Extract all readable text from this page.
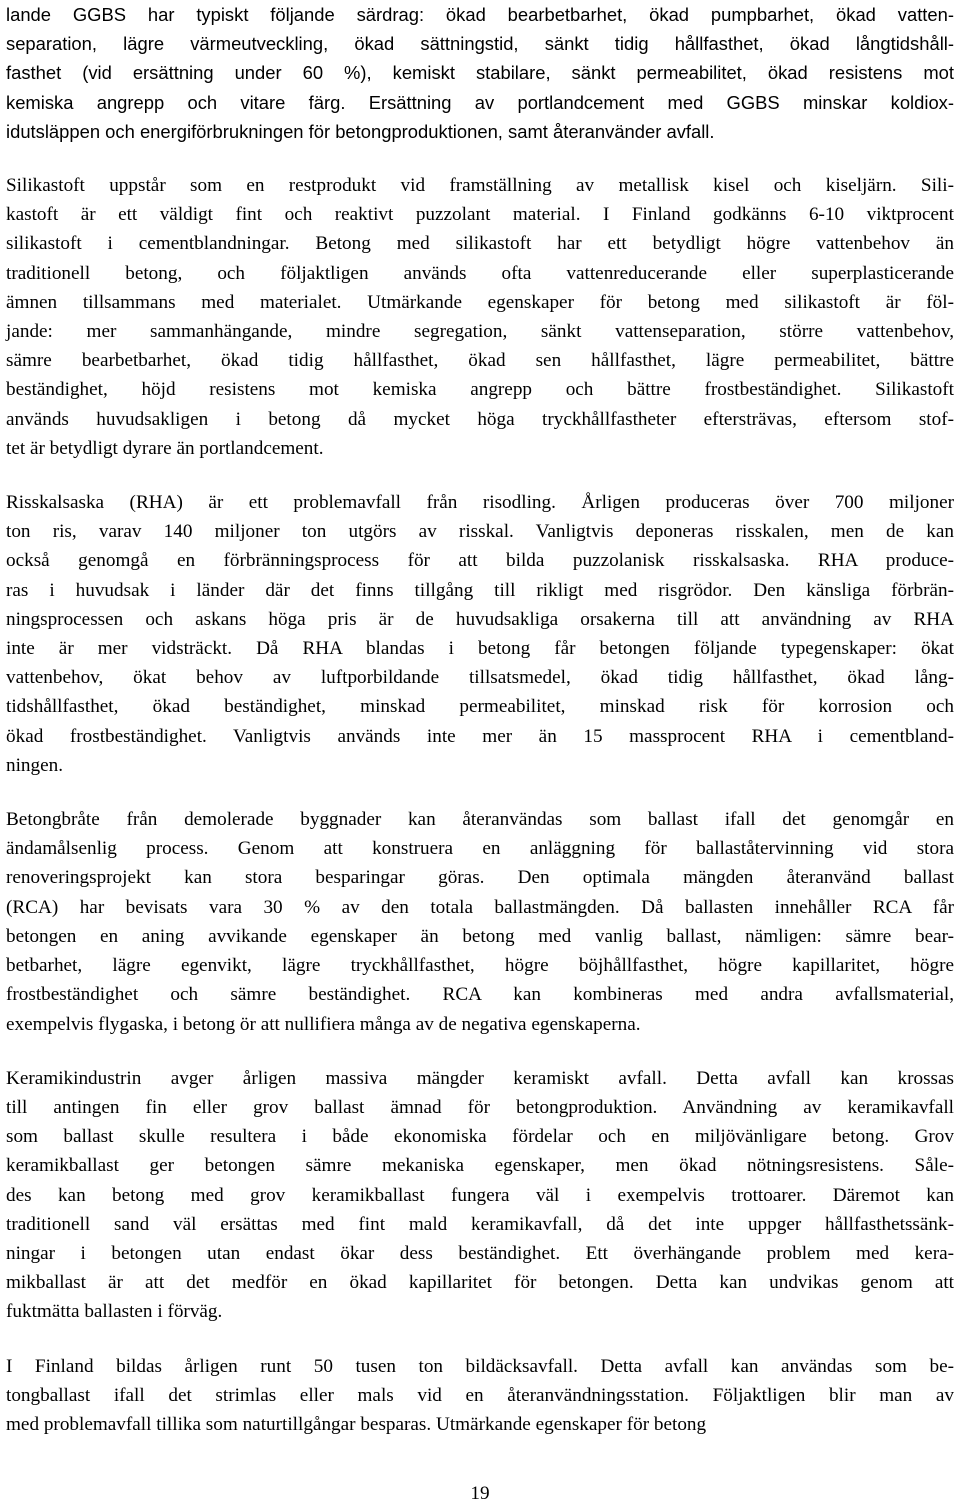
lande GGBS har typiskt följande särdrag: ökad bearbetbarhet, ökad pumpbarhet, ökad vatten-
separation, lägre värmeutveckling, ökad sättningstid, sänkt tidig hållfasthet, ökad långtidshåll-
fasthet (vid ersättning under 60 %), kemiskt stabilare, sänkt permeabilitet, ökad resistens mot
kemiska angrepp och vitare färg. Ersättning av portlandcement med GGBS minskar koldiox-
idutsläppen och energiförbrukningen för betongproduktionen, samt återanvänder avfall.

Silikastoft uppstår som en restprodukt vid framställning av metallisk kisel och kiseljärn. Sili-
kastoft är ett väldigt fint och reaktivt puzzolant material. I Finland godkänns 6-10 viktprocent
silikastoft i cementblandningar. Betong med silikastoft har ett betydligt högre vattenbehov än
traditionell betong, och följaktligen används ofta vattenreducerande eller superplasticerande
ämnen tillsammans med materialet. Utmärkande egenskaper för betong med silikastoft är föl-
jande: mer sammanhängande, mindre segregation, sänkt vattenseparation, större vattenbehov,
sämre bearbetbarhet, ökad tidig hållfasthet, ökad sen hållfasthet, lägre permeabilitet, bättre
beständighet, höjd resistens mot kemiska angrepp och bättre frostbeständighet. Silikastoft
används huvudsakligen i betong då mycket höga tryckhållfastheter eftersträvas, eftersom stof-
tet är betydligt dyrare än portlandcement.

Risskalsaska (RHA) är ett problemavfall från risodling. Årligen produceras över 700 miljoner
ton ris, varav 140 miljoner ton utgörs av risskal. Vanligtvis deponeras risskalen, men de kan
också genomgå en förbränningsprocess för att bilda puzzolanisk risskalsaska. RHA produce-
ras i huvudsak i länder där det finns tillgång till rikligt med risgrödor. Den känsliga förbrän-
ningsprocessen och askans höga pris är de huvudsakliga orsakerna till att användning av RHA
inte är mer vidsträckt. Då RHA blandas i betong får betongen följande typegenskaper: ökat
vattenbehov, ökat behov av luftporbildande tillsatsmedel, ökad tidig hållfasthet, ökad lång-
tidshållfasthet, ökad beständighet, minskad permeabilitet, minskad risk för korrosion och
ökad frostbeständighet. Vanligtvis används inte mer än 15 massprocent RHA i cementbland-
ningen.

Betongbråte från demolerade byggnader kan återanvändas som ballast ifall det genomgår en
ändamålsenlig process. Genom att konstruera en anläggning för ballaståtervinning vid stora
renoveringsprojekt kan stora besparingar göras. Den optimala mängden återanvänd ballast
(RCA) har bevisats vara 30 % av den totala ballastmängden. Då ballasten innehåller RCA får
betongen en aning avvikande egenskaper än betong med vanlig ballast, nämligen: sämre bear-
betbarhet, lägre egenvikt, lägre tryckhållfasthet, högre böjhållfasthet, högre kapillaritet, högre
frostbeständighet och sämre beständighet. RCA kan kombineras med andra avfallsmaterial,
exempelvis flygaska, i betong ör att nullifiera många av de negativa egenskaperna.

Keramikindustrin avger årligen massiva mängder keramiskt avfall. Detta avfall kan krossas
till antingen fin eller grov ballast ämnad för betongproduktion. Användning av keramikavfall
som ballast skulle resultera i både ekonomiska fördelar och en miljövänligare betong. Grov
keramikballast ger betongen sämre mekaniska egenskaper, men ökad nötningsresistens. Såle-
des kan betong med grov keramikballast fungera väl i exempelvis trottoarer. Däremot kan
traditionell sand väl ersättas med fint mald keramikavfall, då det inte uppger hållfasthetssänk-
ningar i betongen utan endast ökar dess beständighet. Ett överhängande problem med kera-
mikballast är att det medför en ökad kapillaritet för betongen. Detta kan undvikas genom att
fuktmätta ballasten i förväg.

I Finland bildas årligen runt 50 tusen ton bildäcksavfall. Detta avfall kan användas som be-
tongballast ifall det strimlas eller mals vid en återanvändningsstation. Följaktligen blir man av
med problemavfall tillika som naturtillgångar besparas. Utmärkande egenskaper för betong

19
